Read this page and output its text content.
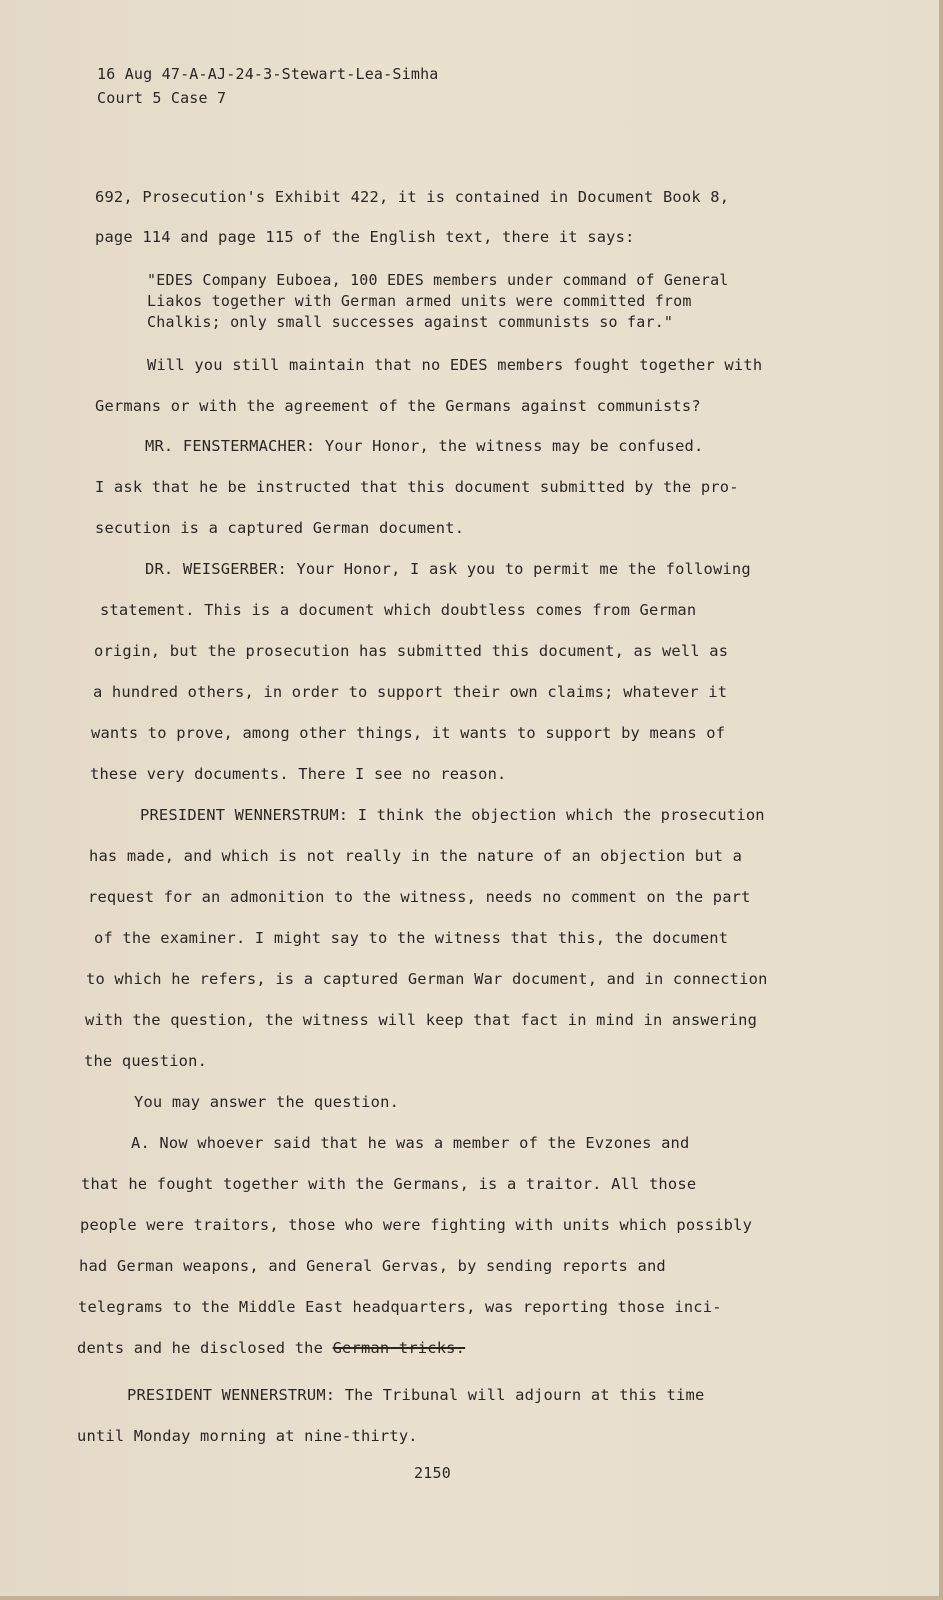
16 Aug 47-A-AJ-24-3-Stewart-Lea-Simha
Court 5 Case 7
692, Prosecution's Exhibit 422, it is contained in Document Book 8,
page 114 and page 115 of the English text, there it says:
"EDES Company Euboea, 100 EDES members under command of General
Liakos together with German armed units were committed from
Chalkis; only small successes against communists so far."
Will you still maintain that no EDES members fought together with
Germans or with the agreement of the Germans against communists?
MR. FENSTERMACHER: Your Honor, the witness may be confused.
I ask that he be instructed that this document submitted by the pro-
secution is a captured German document.
DR. WEISGERBER: Your Honor, I ask you to permit me the following
statement. This is a document which doubtless comes from German
origin, but the prosecution has submitted this document, as well as
a hundred others, in order to support their own claims; whatever it
wants to prove, among other things, it wants to support by means of
these very documents. There I see no reason.
PRESIDENT WENNERSTRUM: I think the objection which the prosecution
has made, and which is not really in the nature of an objection but a
request for an admonition to the witness, needs no comment on the part
of the examiner. I might say to the witness that this, the document
to which he refers, is a captured German War document, and in connection
with the question, the witness will keep that fact in mind in answering
the question.
You may answer the question.
A. Now whoever said that he was a member of the Evzones and
that he fought together with the Germans, is a traitor. All those
people were traitors, those who were fighting with units which possibly
had German weapons, and General Gervas, by sending reports and
telegrams to the Middle East headquarters, was reporting those inci-
dents and he disclosed the German tricks.
PRESIDENT WENNERSTRUM: The Tribunal will adjourn at this time
until Monday morning at nine-thirty.
2150
